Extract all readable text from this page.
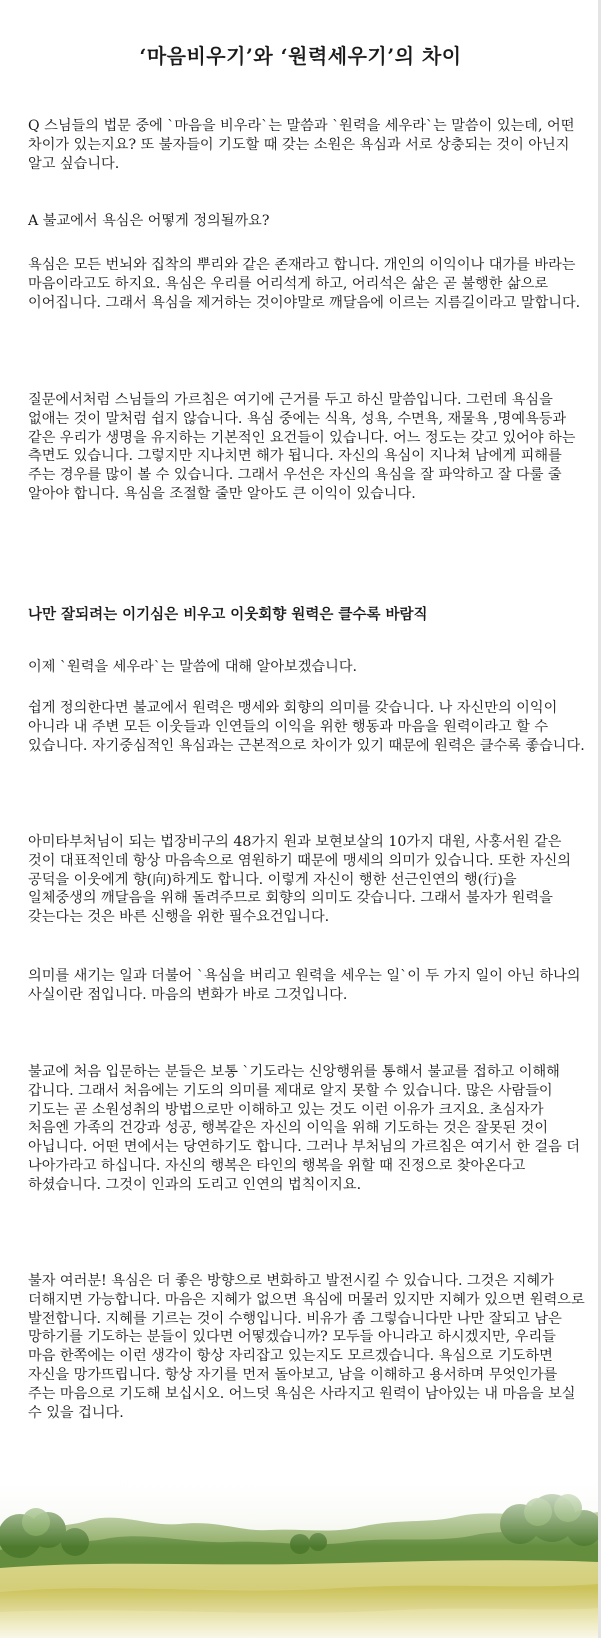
‘마음비우기’와 ‘원력세우기’의 차이

Q 스님들의 법문 중에 `마음을 비우라`는 말씀과 `원력을 세우라`는 말씀이 있는데, 어떤 차이가 있는지요? 또 불자들이 기도할 때 갖는 소원은 욕심과 서로 상충되는 것이 아닌지 알고 싶습니다.

A 불교에서 욕심은 어떻게 정의될까요?

욕심은 모든 번뇌와 집착의 뿌리와 같은 존재라고 합니다. 개인의 이익이나 대가를 바라는 마음이라고도 하지요. 욕심은 우리를 어리석게 하고, 어리석은 삶은 곧 불행한 삶으로 이어집니다. 그래서 욕심을 제거하는 것이야말로 깨달음에 이르는 지름길이라고 말합니다.

질문에서처럼 스님들의 가르침은 여기에 근거를 두고 하신 말씀입니다. 그런데 욕심을 없애는 것이 말처럼 쉽지 않습니다. 욕심 중에는 식욕, 성욕, 수면욕, 재물욕 ,명예욕등과 같은 우리가 생명을 유지하는 기본적인 요건들이 있습니다. 어느 정도는 갖고 있어야 하는 측면도 있습니다. 그렇지만 지나치면 해가 됩니다. 자신의 욕심이 지나쳐 남에게 피해를 주는 경우를 많이 볼 수 있습니다. 그래서 우선은 자신의 욕심을 잘 파악하고 잘 다룰 줄 알아야 합니다. 욕심을 조절할 줄만 알아도 큰 이익이 있습니다.

나만 잘되려는 이기심은 비우고 이웃회향 원력은 클수록 바람직

이제 `원력을 세우라`는 말씀에 대해 알아보겠습니다.

쉽게 정의한다면 불교에서 원력은 맹세와 회향의 의미를 갖습니다. 나 자신만의 이익이 아니라 내 주변 모든 이웃들과 인연들의 이익을 위한 행동과 마음을 원력이라고 할 수 있습니다. 자기중심적인 욕심과는 근본적으로 차이가 있기 때문에 원력은 클수록 좋습니다.

아미타부처님이 되는 법장비구의 48가지 원과 보현보살의 10가지 대원, 사홍서원 같은 것이 대표적인데 항상 마음속으로 염원하기 때문에 맹세의 의미가 있습니다. 또한 자신의 공덕을 이웃에게 향(向)하게도 합니다. 이렇게 자신이 행한 선근인연의 행(行)을 일체중생의 깨달음을 위해 돌려주므로 회향의 의미도 갖습니다. 그래서 불자가 원력을 갖는다는 것은 바른 신행을 위한 필수요건입니다.

의미를 새기는 일과 더불어 `욕심을 버리고 원력을 세우는 일`이 두 가지 일이 아닌 하나의 사실이란 점입니다. 마음의 변화가 바로 그것입니다.

불교에 처음 입문하는 분들은 보통 `기도라는 신앙행위를 통해서 불교를 접하고 이해해 갑니다. 그래서 처음에는 기도의 의미를 제대로 알지 못할 수 있습니다. 많은 사람들이 기도는 곧 소원성취의 방법으로만 이해하고 있는 것도 이런 이유가 크지요. 초심자가 처음엔 가족의 건강과 성공, 행복같은 자신의 이익을 위해 기도하는 것은 잘못된 것이 아닙니다. 어떤 면에서는 당연하기도 합니다. 그러나 부처님의 가르침은 여기서 한 걸음 더 나아가라고 하십니다. 자신의 행복은 타인의 행복을 위할 때 진정으로 찾아온다고 하셨습니다. 그것이 인과의 도리고 인연의 법칙이지요.

불자 여러분! 욕심은 더 좋은 방향으로 변화하고 발전시킬 수 있습니다. 그것은 지혜가 더해지면 가능합니다. 마음은 지혜가 없으면 욕심에 머물러 있지만 지혜가 있으면 원력으로 발전합니다. 지혜를 기르는 것이 수행입니다. 비유가 좀 그렇습니다만 나만 잘되고 남은 망하기를 기도하는 분들이 있다면 어떻겠습니까? 모두들 아니라고 하시겠지만, 우리들 마음 한쪽에는 이런 생각이 항상 자리잡고 있는지도 모르겠습니다. 욕심으로 기도하면 자신을 망가뜨립니다. 항상 자기를 먼저 돌아보고, 남을 이해하고 용서하며 무엇인가를 주는 마음으로 기도해 보십시오. 어느덧 욕심은 사라지고 원력이 남아있는 내 마음을 보실 수 있을 겁니다.
